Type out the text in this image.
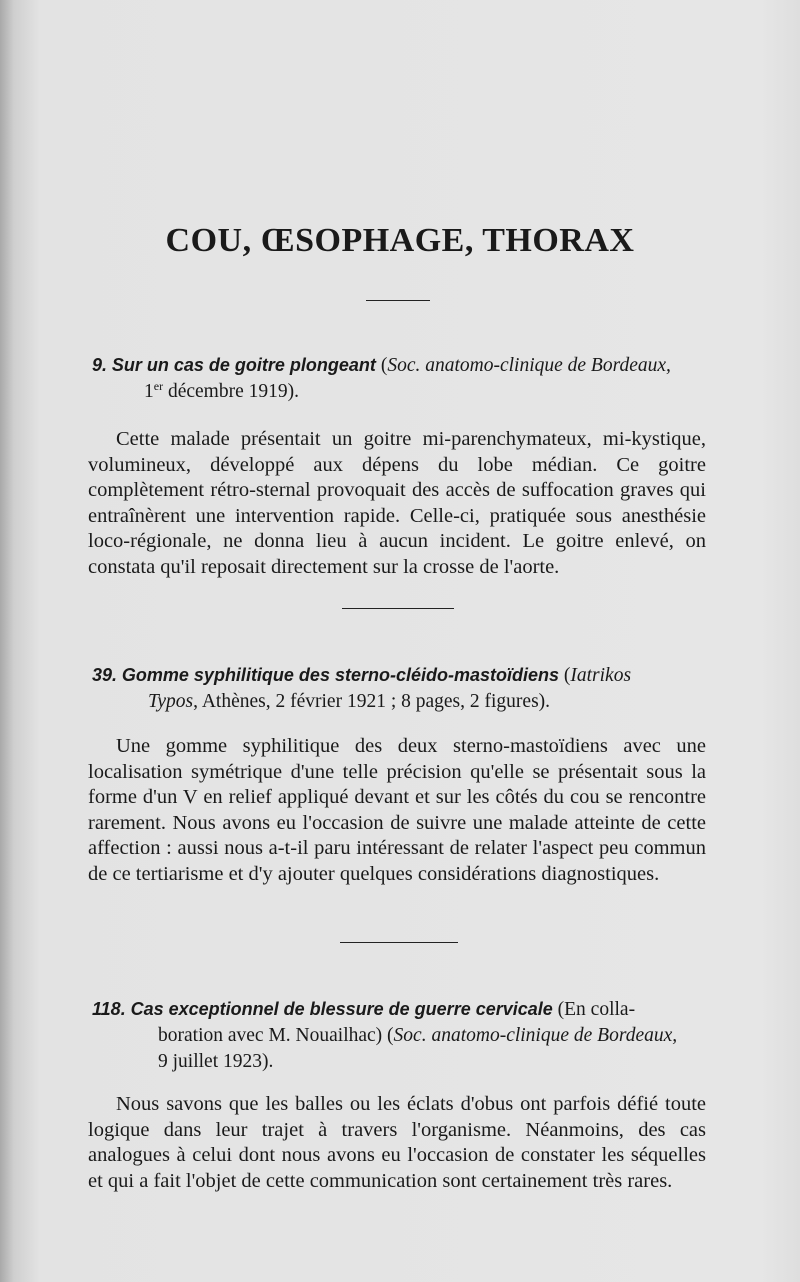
COU, ŒSOPHAGE, THORAX
9. Sur un cas de goitre plongeant (Soc. anatomo-clinique de Bordeaux,
1er décembre 1919).
Cette malade présentait un goitre mi-parenchymateux, mi-kystique, volumineux, développé aux dépens du lobe médian. Ce goitre complètement rétro-sternal provoquait des accès de suffocation graves qui entraînèrent une intervention rapide. Celle-ci, pratiquée sous anesthésie loco-régionale, ne donna lieu à aucun incident. Le goitre enlevé, on constata qu'il reposait directement sur la crosse de l'aorte.
39. Gomme syphilitique des sterno-cléido-mastoïdiens (Iatrikos
Typos, Athènes, 2 février 1921 ; 8 pages, 2 figures).
Une gomme syphilitique des deux sterno-mastoïdiens avec une localisation symétrique d'une telle précision qu'elle se présentait sous la forme d'un V en relief appliqué devant et sur les côtés du cou se rencontre rarement. Nous avons eu l'occasion de suivre une malade atteinte de cette affection : aussi nous a-t-il paru intéressant de relater l'aspect peu commun de ce tertiarisme et d'y ajouter quelques considérations diagnostiques.
118. Cas exceptionnel de blessure de guerre cervicale (En colla-
boration avec M. Nouailhac) (Soc. anatomo-clinique de Bordeaux,
9 juillet 1923).
Nous savons que les balles ou les éclats d'obus ont parfois défié toute logique dans leur trajet à travers l'organisme. Néanmoins, des cas analogues à celui dont nous avons eu l'occasion de constater les séquelles et qui a fait l'objet de cette communication sont certainement très rares.
